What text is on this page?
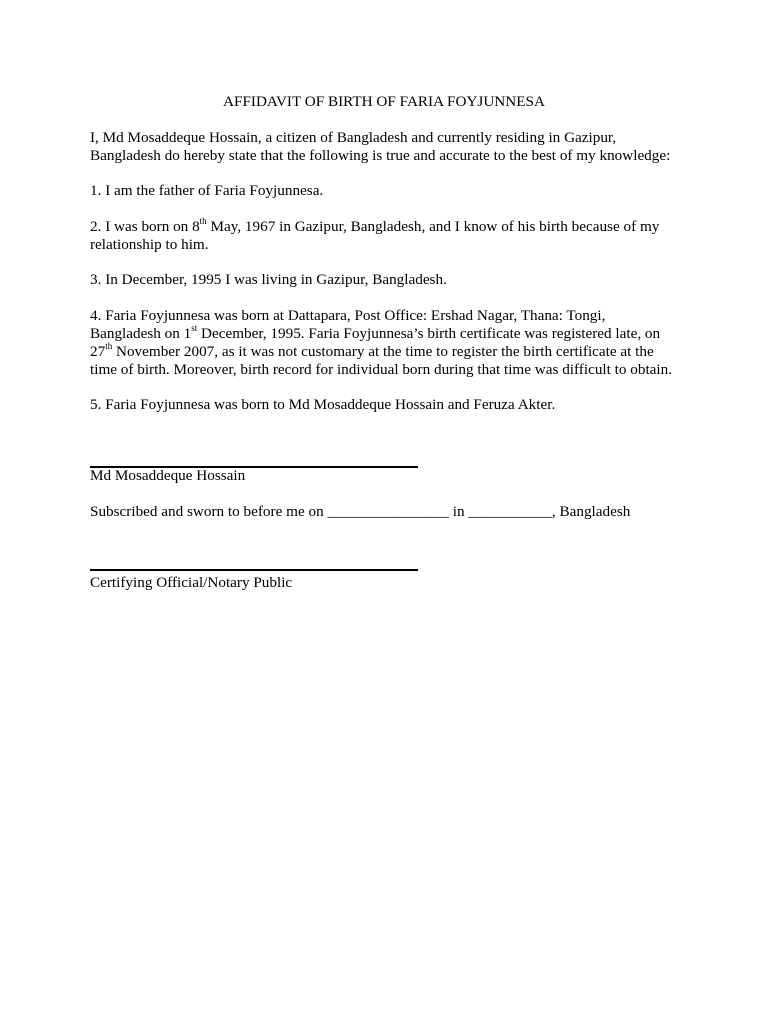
AFFIDAVIT OF BIRTH OF FARIA FOYJUNNESA

I, Md Mosaddeque Hossain, a citizen of Bangladesh and currently residing in Gazipur,
Bangladesh do hereby state that the following is true and accurate to the best of my knowledge:

1. I am the father of Faria Foyjunnesa.

2. I was born on 8th May, 1967 in Gazipur, Bangladesh, and I know of his birth because of my
relationship to him.

3. In December, 1995 I was living in Gazipur, Bangladesh.

4. Faria Foyjunnesa was born at Dattapara, Post Office: Ershad Nagar, Thana: Tongi,
Bangladesh on 1st December, 1995. Faria Foyjunnesa’s birth certificate was registered late, on
27th November 2007, as it was not customary at the time to register the birth certificate at the
time of birth. Moreover, birth record for individual born during that time was difficult to obtain.

5. Faria Foyjunnesa was born to Md Mosaddeque Hossain and Feruza Akter.

Md Mosaddeque Hossain

Subscribed and sworn to before me on ________________ in ___________, Bangladesh

Certifying Official/Notary Public
